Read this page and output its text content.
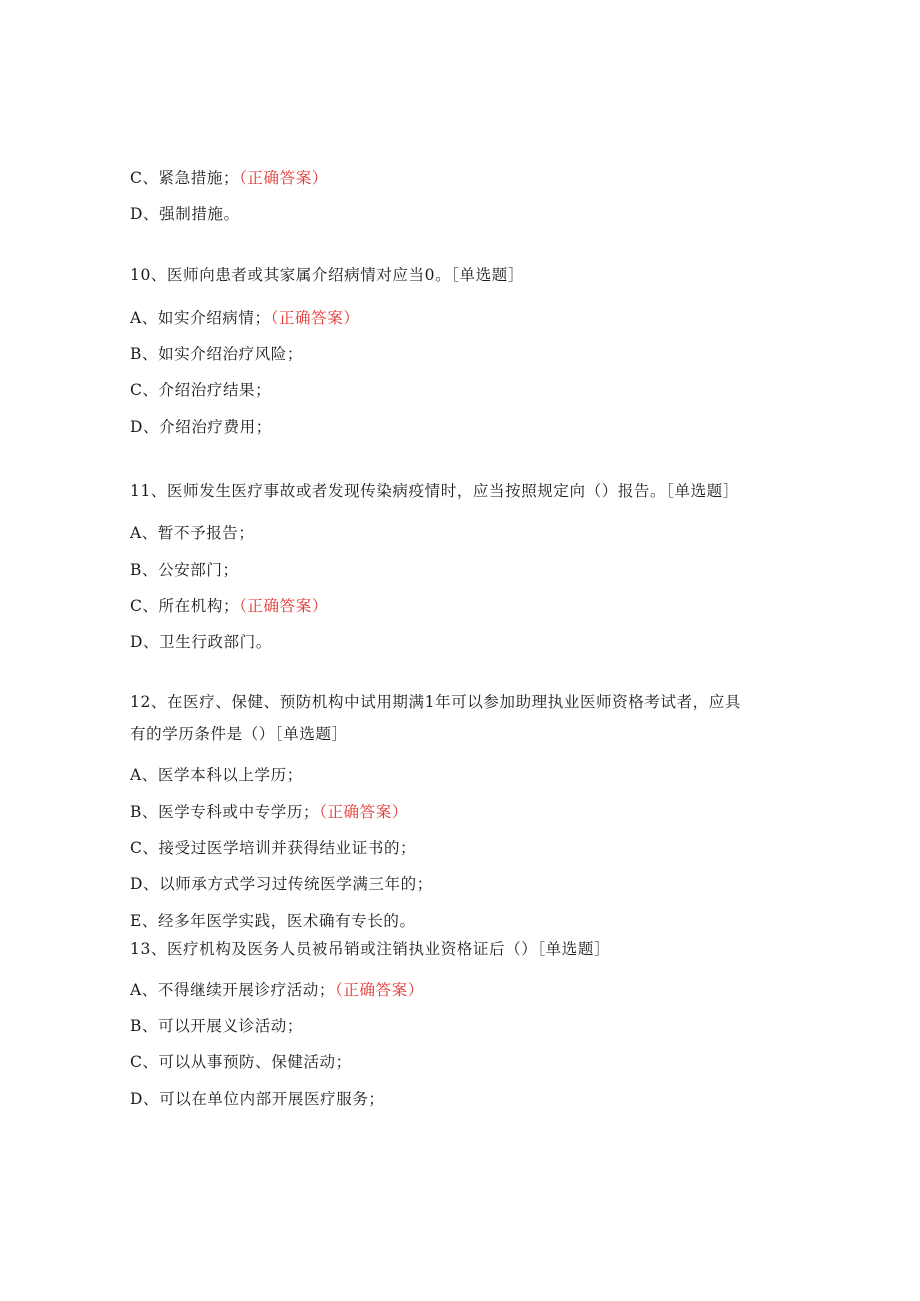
C、紧急措施；（正确答案）
D、强制措施。
10、医师向患者或其家属介绍病情对应当0。［单选题］
A、如实介绍病情；（正确答案）
B、如实介绍治疗风险；
C、介绍治疗结果；
D、介绍治疗费用；
11、医师发生医疗事故或者发现传染病疫情时，应当按照规定向（）报告。［单选题］
A、暂不予报告；
B、公安部门；
C、所在机构；（正确答案）
D、卫生行政部门。
12、在医疗、保健、预防机构中试用期满1年可以参加助理执业医师资格考试者，应具
有的学历条件是（）［单选题］
A、医学本科以上学历；
B、医学专科或中专学历；（正确答案）
C、接受过医学培训并获得结业证书的；
D、以师承方式学习过传统医学满三年的；
E、经多年医学实践，医术确有专长的。
13、医疗机构及医务人员被吊销或注销执业资格证后（）［单选题］
A、不得继续开展诊疗活动；（正确答案）
B、可以开展义诊活动；
C、可以从事预防、保健活动；
D、可以在单位内部开展医疗服务；
